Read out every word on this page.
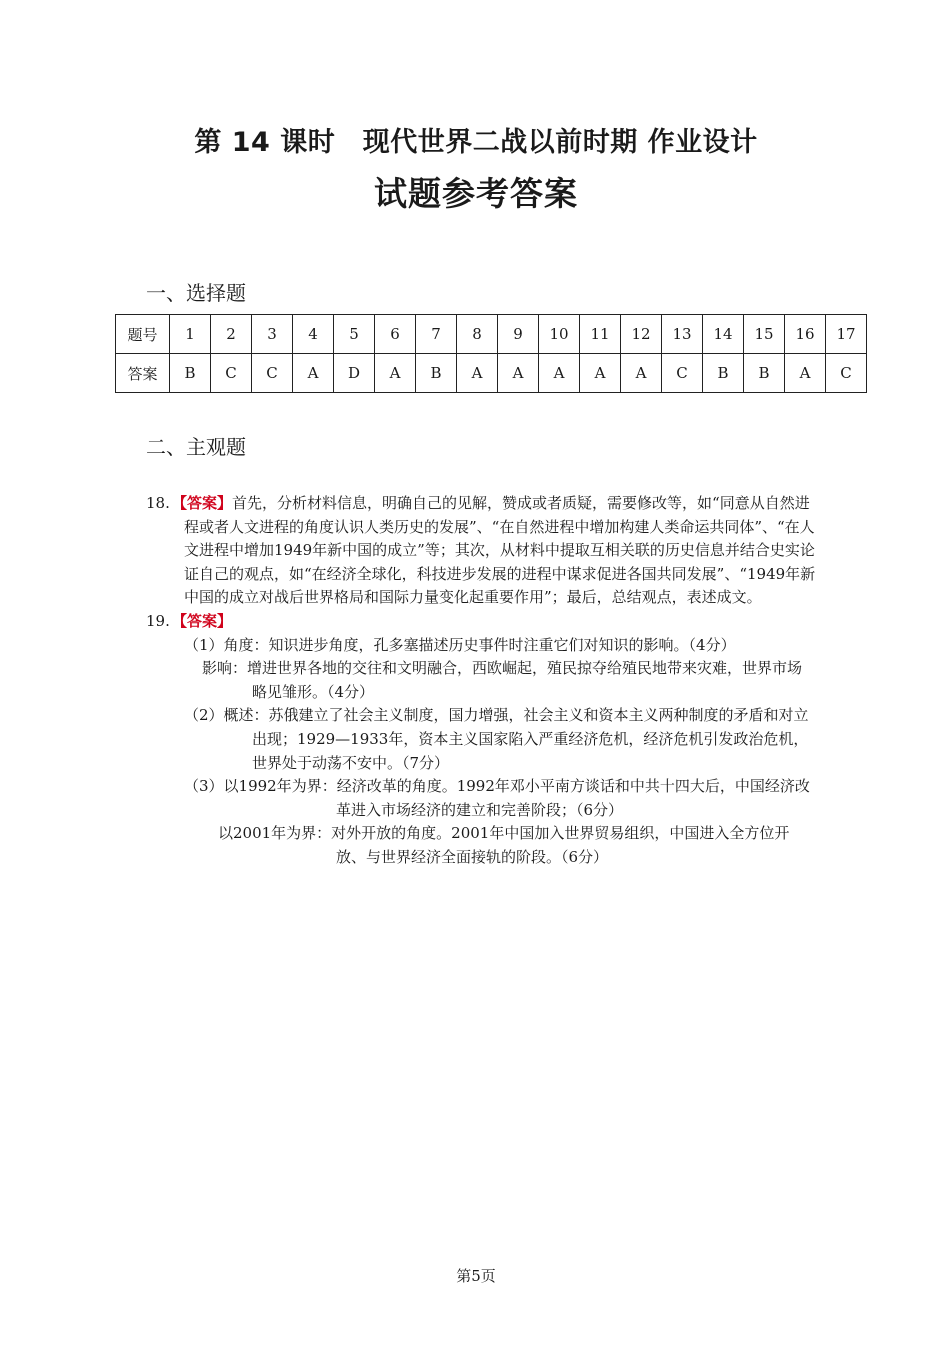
第 14 课时　现代世界二战以前时期 作业设计
试题参考答案
一、选择题
题号	1	2	3	4	5	6	7	8	9	10	11	12	13	14	15	16	17
答案	B	C	C	A	D	A	B	A	A	A	A	A	C	B	B	A	C
二、主观题

18. 【答案】首先，分析材料信息，明确自己的见解，赞成或者质疑，需要修改等，如“同意从自然进程或者人文进程的角度认识人类历史的发展”、“在自然进程中增加构建人类命运共同体”、“在人文进程中增加1949年新中国的成立”等；其次，从材料中提取互相关联的历史信息并结合史实论证自己的观点，如“在经济全球化，科技进步发展的进程中谋求促进各国共同发展”、“1949年新中国的成立对战后世界格局和国际力量变化起重要作用”；最后，总结观点，表述成文。

19. 【答案】

（1）角度：知识进步角度，孔多塞描述历史事件时注重它们对知识的影响。（4分）

影响：增进世界各地的交往和文明融合，西欧崛起，殖民掠夺给殖民地带来灾难，世界市场略见雏形。（4分）

（2）概述：苏俄建立了社会主义制度，国力增强，社会主义和资本主义两种制度的矛盾和对立出现；1929—1933年，资本主义国家陷入严重经济危机，经济危机引发政治危机，世界处于动荡不安中。（7分）

（3）以1992年为界：经济改革的角度。1992年邓小平南方谈话和中共十四大后，中国经济改革进入市场经济的建立和完善阶段；（6分）

以2001年为界：对外开放的角度。2001年中国加入世界贸易组织，中国进入全方位开放、与世界经济全面接轨的阶段。（6分）

第5页
